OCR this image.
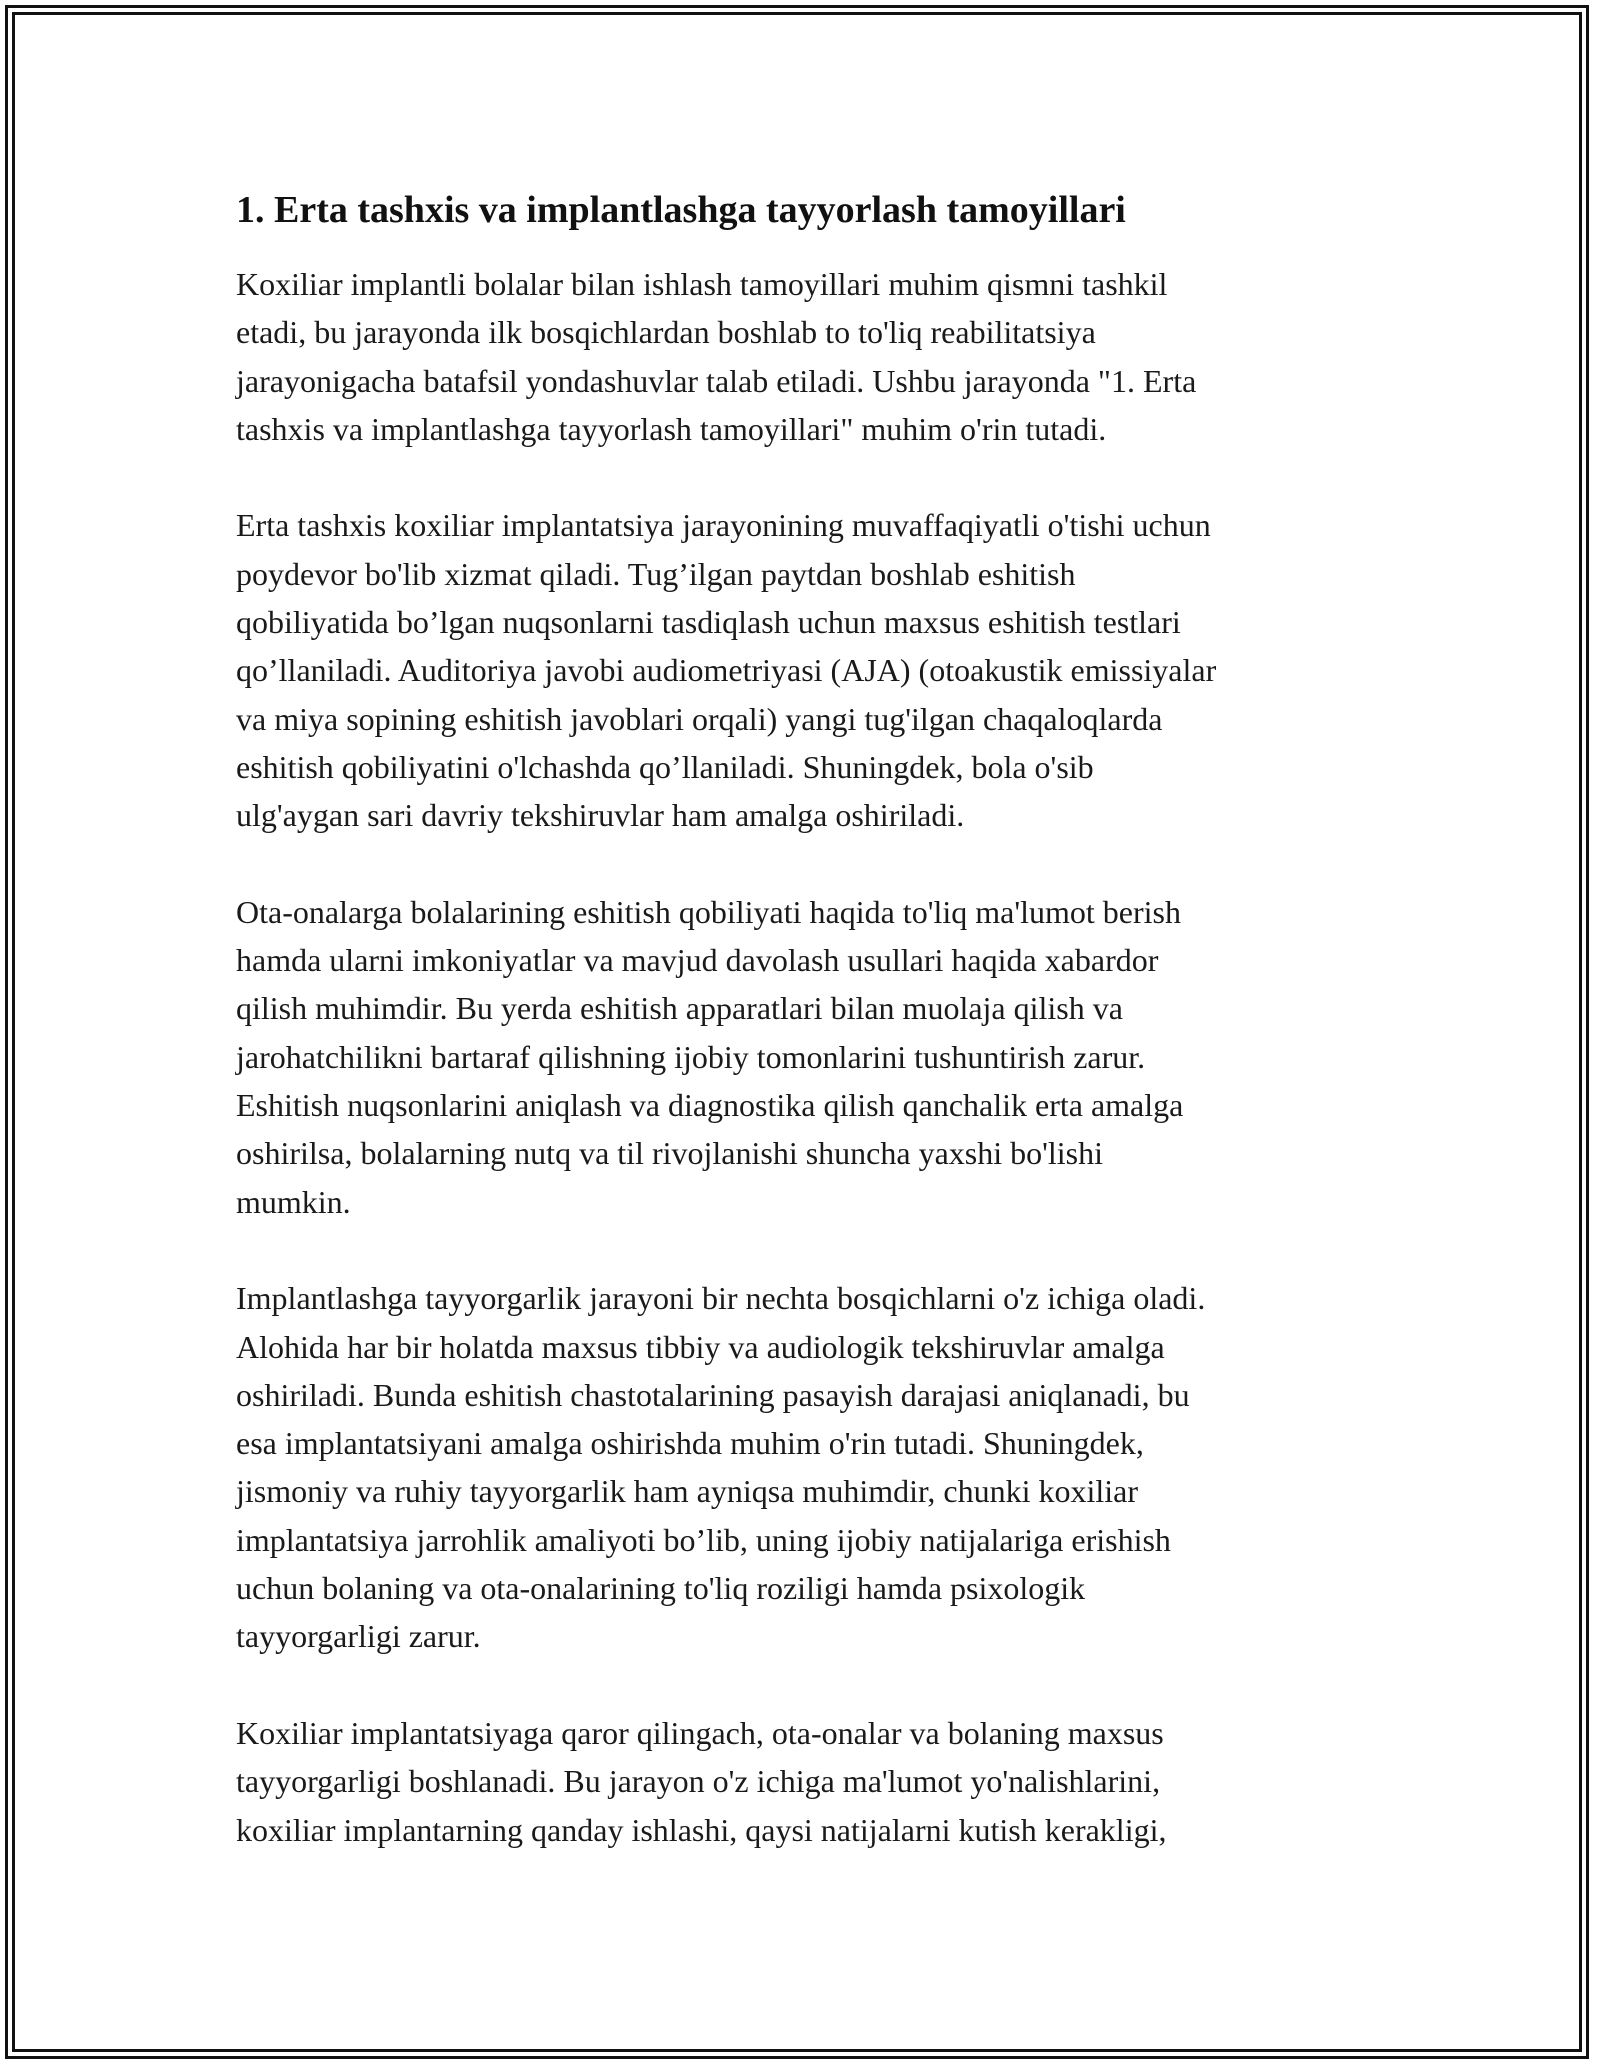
1. Erta tashxis va implantlashga tayyorlash tamoyillari

Koxiliar implantli bolalar bilan ishlash tamoyillari muhim qismni tashkil
etadi, bu jarayonda ilk bosqichlardan boshlab to to'liq reabilitatsiya
jarayonigacha batafsil yondashuvlar talab etiladi. Ushbu jarayonda "1. Erta
tashxis va implantlashga tayyorlash tamoyillari" muhim o'rin tutadi.

Erta tashxis koxiliar implantatsiya jarayonining muvaffaqiyatli o'tishi uchun
poydevor bo'lib xizmat qiladi. Tug’ilgan paytdan boshlab eshitish
qobiliyatida bo’lgan nuqsonlarni tasdiqlash uchun maxsus eshitish testlari
qo’llaniladi. Auditoriya javobi audiometriyasi (AJA) (otoakustik emissiyalar
va miya sopining eshitish javoblari orqali) yangi tug'ilgan chaqaloqlarda
eshitish qobiliyatini o'lchashda qo’llaniladi. Shuningdek, bola o'sib
ulg'aygan sari davriy tekshiruvlar ham amalga oshiriladi.

Ota-onalarga bolalarining eshitish qobiliyati haqida to'liq ma'lumot berish
hamda ularni imkoniyatlar va mavjud davolash usullari haqida xabardor
qilish muhimdir. Bu yerda eshitish apparatlari bilan muolaja qilish va
jarohatchilikni bartaraf qilishning ijobiy tomonlarini tushuntirish zarur.
Eshitish nuqsonlarini aniqlash va diagnostika qilish qanchalik erta amalga
oshirilsa, bolalarning nutq va til rivojlanishi shuncha yaxshi bo'lishi
mumkin.

Implantlashga tayyorgarlik jarayoni bir nechta bosqichlarni o'z ichiga oladi.
Alohida har bir holatda maxsus tibbiy va audiologik tekshiruvlar amalga
oshiriladi. Bunda eshitish chastotalarining pasayish darajasi aniqlanadi, bu
esa implantatsiyani amalga oshirishda muhim o'rin tutadi. Shuningdek,
jismoniy va ruhiy tayyorgarlik ham ayniqsa muhimdir, chunki koxiliar
implantatsiya jarrohlik amaliyoti bo’lib, uning ijobiy natijalariga erishish
uchun bolaning va ota-onalarining to'liq roziligi hamda psixologik
tayyorgarligi zarur.

Koxiliar implantatsiyaga qaror qilingach, ota-onalar va bolaning maxsus
tayyorgarligi boshlanadi. Bu jarayon o'z ichiga ma'lumot yo'nalishlarini,
koxiliar implantarning qanday ishlashi, qaysi natijalarni kutish kerakligi,
